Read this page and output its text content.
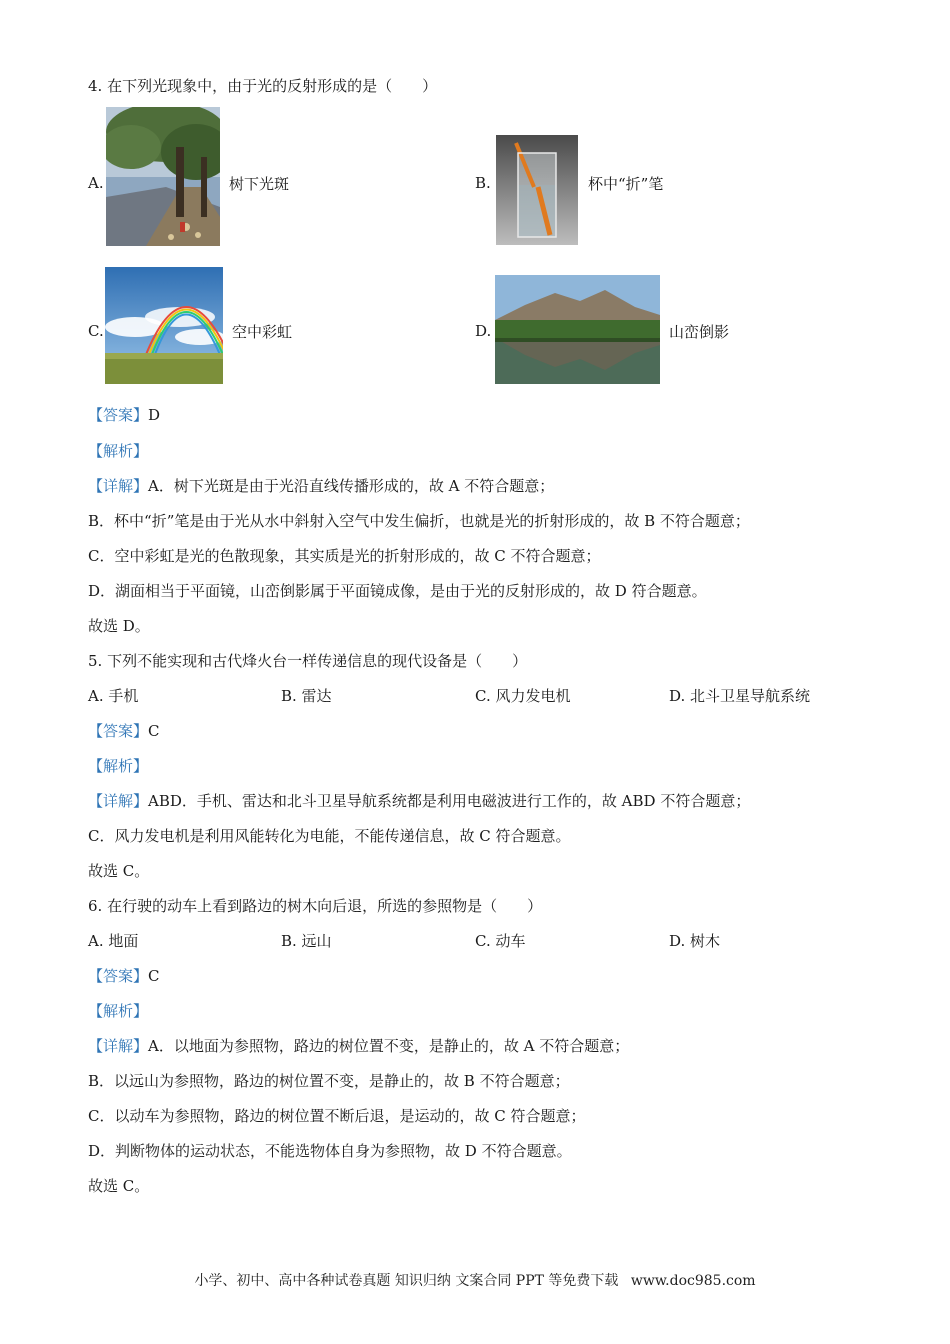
4. 在下列光现象中，由于光的反射形成的是（　　）
A.	树下光斑	B.	杯中“折”笔
C.	空中彩虹	D.	山峦倒影
【答案】D
【解析】
【详解】A．树下光斑是由于光沿直线传播形成的，故 A 不符合题意；
B．杯中“折”笔是由于光从水中斜射入空气中发生偏折，也就是光的折射形成的，故 B 不符合题意；
C．空中彩虹是光的色散现象，其实质是光的折射形成的，故 C 不符合题意；
D．湖面相当于平面镜，山峦倒影属于平面镜成像，是由于光的反射形成的，故 D 符合题意。
故选 D。
5. 下列不能实现和古代烽火台一样传递信息的现代设备是（　　）
A. 手机	B. 雷达	C. 风力发电机	D. 北斗卫星导航系统
【答案】C
【解析】
【详解】ABD．手机、雷达和北斗卫星导航系统都是利用电磁波进行工作的，故 ABD 不符合题意；
C．风力发电机是利用风能转化为电能，不能传递信息，故 C 符合题意。
故选 C。
6. 在行驶的动车上看到路边的树木向后退，所选的参照物是（　　）
A. 地面	B. 远山	C. 动车	D. 树木
【答案】C
【解析】
【详解】A．以地面为参照物，路边的树位置不变，是静止的，故 A 不符合题意；
B．以远山为参照物，路边的树位置不变，是静止的，故 B 不符合题意；
C．以动车为参照物，路边的树位置不断后退，是运动的，故 C 符合题意；
D．判断物体的运动状态，不能选物体自身为参照物，故 D 不符合题意。
故选 C。
小学、初中、高中各种试卷真题 知识归纳 文案合同 PPT 等免费下载 www.doc985.com
